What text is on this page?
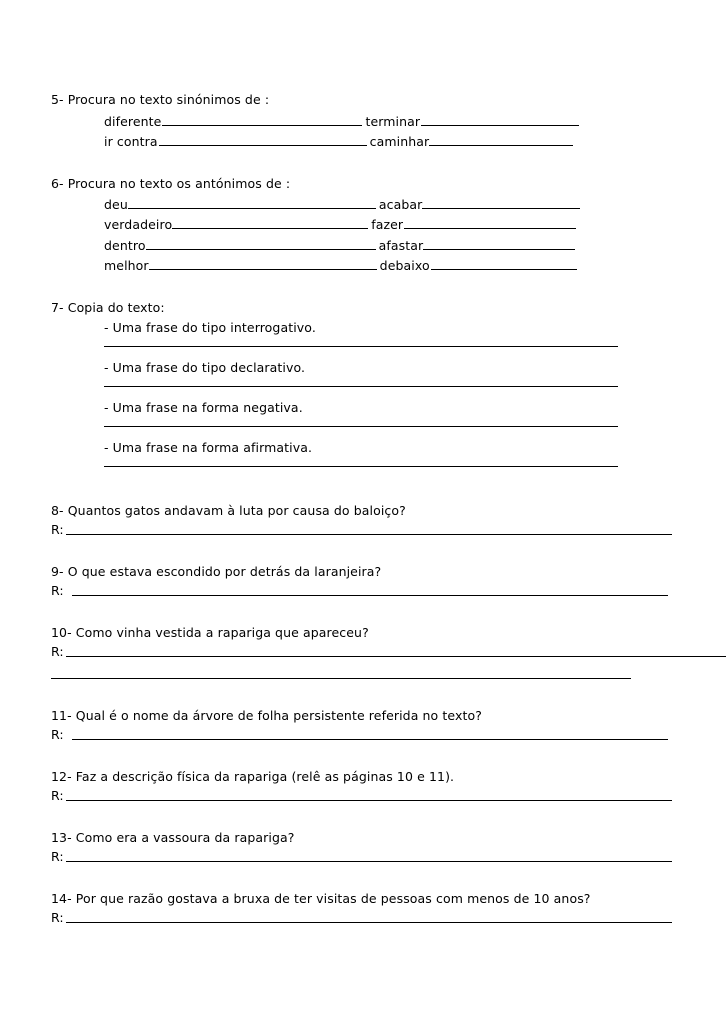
5- Procura no texto sinónimos de :
diferente	terminar
ir contra	caminhar
6- Procura no texto os antónimos de :
deu	acabar
verdadeiro	fazer
dentro	afastar
melhor	debaixo
7- Copia do texto:
- Uma frase do tipo interrogativo.
- Uma frase do tipo declarativo.
- Uma frase na forma negativa.
- Uma frase na forma afirmativa.
8- Quantos gatos andavam à luta por causa do baloiço?
R:
9- O que estava escondido por detrás da laranjeira?
R:
10- Como vinha vestida a rapariga que apareceu?
R:
11- Qual é o nome da árvore de folha persistente referida no texto?
R:
12- Faz a descrição física da rapariga (relê as páginas 10 e 11).
R:
13- Como era a vassoura da rapariga?
R:
14- Por que razão gostava a bruxa de ter visitas de pessoas com menos de 10 anos?
R:
